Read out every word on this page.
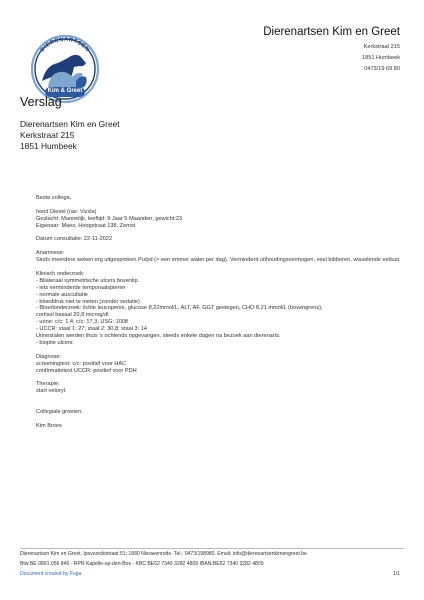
DIERENARTSEN
Kim & Greet
Dierenartsen Kim en Greet
Kerkstraat 215
1851 Humbeek
0473/19 69 80
Verslag
Dierenartsen Kim en Greet
Kerkstraat 215
1851 Humbeek
Beste collega,
hond Diesel (ras: Vizsla)
Geslacht: Mannelijk, leeftijd: 9 Jaar 5 Maanden, gewicht:23
Eigenaar: Maes, Hoogstraat 138, Zemst
Datum consultatie: 22-11-2022
Anamnese:
Sinds meerdere weken erg uitgesproken Pu/pd (> een emmer water per dag). Verminderd uithoudingsvermogen, veel bibberen, wisselende eetlust.
Klinisch onderzoek:
- Bilateraal symmetrische ulcers bovenlip.
- iets verminderde temporaalspieren
- normale auscultatie
- bloeddruk niet te meten (zonder sedatie)
- Bloedonderzoek: lichte leucopenie, glucose 8,22mmol/L, ALT, AF, GGT gestegen, CHO 8,21 mmol/L (bovengrens),
cortisol basaal 20,8 microg/dl
- urine: c/c: 1,4; c/c: 17,3, USG: 1008
- UCCR: staal 1: 27; staal 2: 30,8; staal 3: 14
Urinestalen werden thuis 's ochtends opgevangen, steeds enkele dagen na bezoek aan dierenarts.
- bioptie ulcers:
Diagnose:
screeningtest: c/c: positief voor HAC
confirmatietest UCCR: positief voor PDH
Therapie:
start vetoryl.
Collegiale groeten,
Kim Broes
Dierenartsen Kim en Greet. Ipsvoordestraat 51; 1880 Nieuwenrode. Tel.: 0473/198980. Email: info@dierenartsenkimengreet.be
Btw BE 0891 056 846 - RPR Kapelle-op-den-Bos - KBC BE52 7340 3282 4809 IBAN:BE52 7340 3282 4809
Document created by Fuga	1/1
